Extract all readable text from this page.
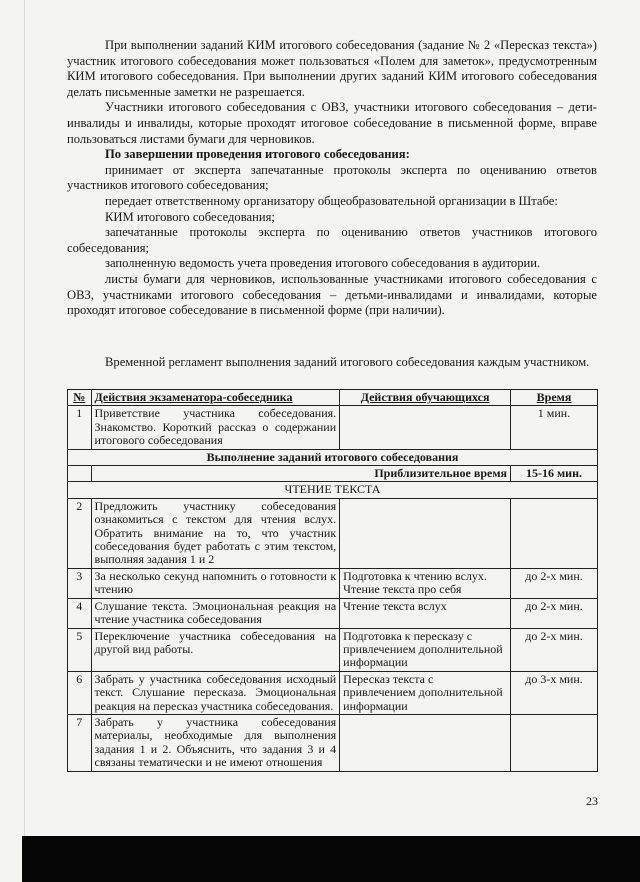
При выполнении заданий КИМ итогового собеседования (задание № 2 «Пересказ текста») участник итогового собеседования может пользоваться «Полем для заметок», предусмотренным КИМ итогового собеседования. При выполнении других заданий КИМ итогового собеседования делать письменные заметки не разрешается.

Участники итогового собеседования с ОВЗ, участники итогового собеседования – дети-инвалиды и инвалиды, которые проходят итоговое собеседование в письменной форме, вправе пользоваться листами бумаги для черновиков.

По завершении проведения итогового собеседования:

принимает от эксперта запечатанные протоколы эксперта по оцениванию ответов участников итогового собеседования;

передает ответственному организатору общеобразовательной организации в Штабе:

КИМ итогового собеседования;

запечатанные протоколы эксперта по оцениванию ответов участников итогового собеседования;

заполненную ведомость учета проведения итогового собеседования в аудитории.

листы бумаги для черновиков, использованные участниками итогового собеседования с ОВЗ, участниками итогового собеседования – детьми-инвалидами и инвалидами, которые проходят итоговое собеседование в письменной форме (при наличии).

Временной регламент выполнения заданий итогового собеседования каждым участником.

№	Действия экзаменатора-собеседника	Действия обучающихся	Время
1	Приветствие участника собеседования. Знакомство. Короткий рассказ о содержании итогового собеседования		1 мин.
Выполнение заданий итогового собеседования			
	Приблизительное время		15-16 мин.
ЧТЕНИЕ ТЕКСТА			
2	Предложить участнику собеседования ознакомиться с текстом для чтения вслух. Обратить внимание на то, что участник собеседования будет работать с этим текстом, выполняя задания 1 и 2		
3	За несколько секунд напомнить о готовности к чтению	Подготовка к чтению вслух. Чтение текста про себя	до 2-х мин.
4	Слушание текста. Эмоциональная реакция на чтение участника собеседования	Чтение текста вслух	до 2-х мин.
5	Переключение участника собеседования на другой вид работы.	Подготовка к пересказу с привлечением дополнительной информации	до 2-х мин.
6	Забрать у участника собеседования исходный текст. Слушание пересказа. Эмоциональная реакция на пересказ участника собеседования.	Пересказ текста с привлечением дополнительной информации	до 3-х мин.
7	Забрать у участника собеседования материалы, необходимые для выполнения задания 1 и 2. Объяснить, что задания 3 и 4 связаны тематически и не имеют отношения		
23
